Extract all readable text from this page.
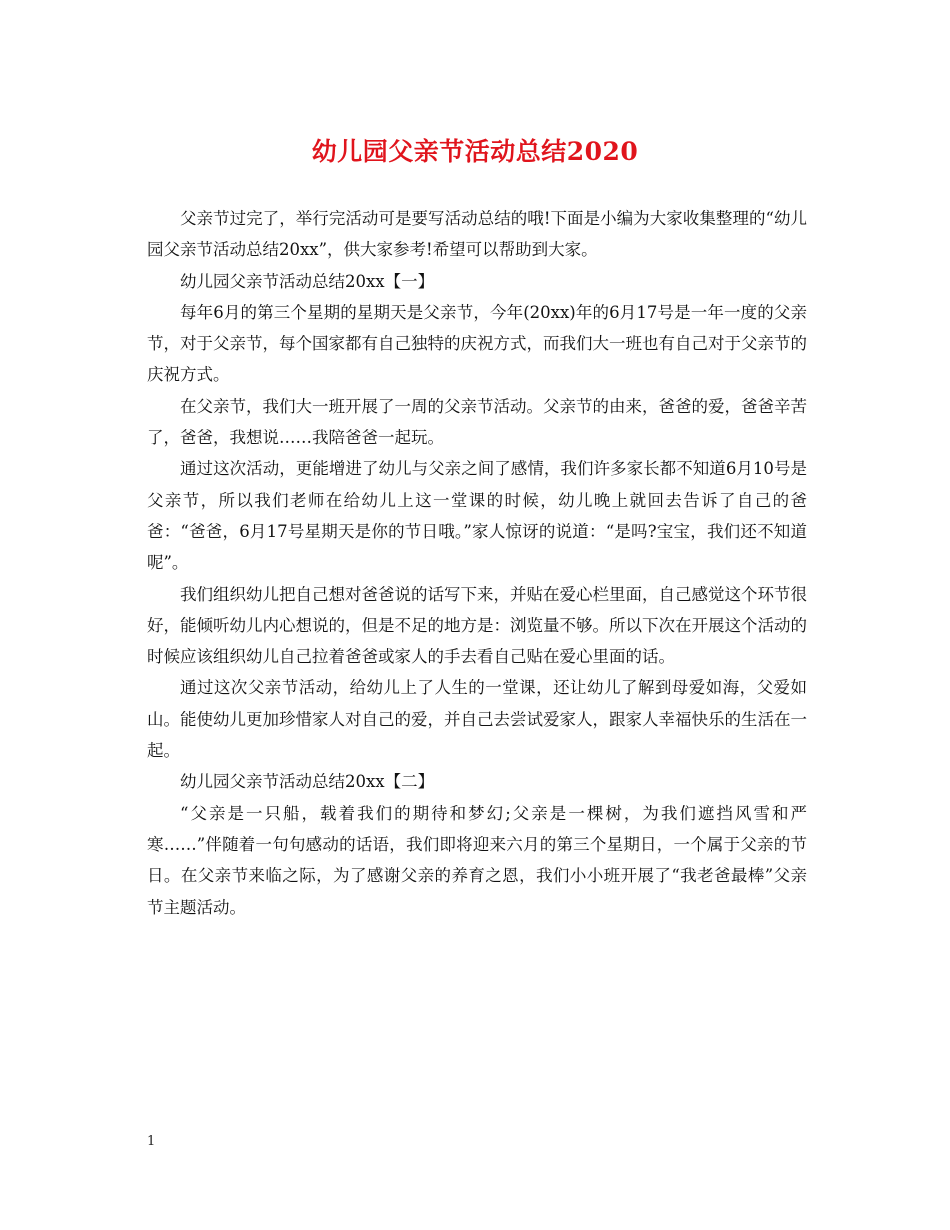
幼儿园父亲节活动总结2020

父亲节过完了，举行完活动可是要写活动总结的哦!下面是小编为大家收集整理的“幼儿园父亲节活动总结20xx”，供大家参考!希望可以帮助到大家。

幼儿园父亲节活动总结20xx【一】

每年6月的第三个星期的星期天是父亲节，今年(20xx)年的6月17号是一年一度的父亲节，对于父亲节，每个国家都有自己独特的庆祝方式，而我们大一班也有自己对于父亲节的庆祝方式。

在父亲节，我们大一班开展了一周的父亲节活动。父亲节的由来，爸爸的爱，爸爸辛苦了，爸爸，我想说……我陪爸爸一起玩。

通过这次活动，更能增进了幼儿与父亲之间了感情，我们许多家长都不知道6月10号是父亲节，所以我们老师在给幼儿上这一堂课的时候，幼儿晚上就回去告诉了自己的爸爸：“爸爸，6月17号星期天是你的节日哦。”家人惊讶的说道：“是吗?宝宝，我们还不知道呢”。

我们组织幼儿把自己想对爸爸说的话写下来，并贴在爱心栏里面，自己感觉这个环节很好，能倾听幼儿内心想说的，但是不足的地方是：浏览量不够。所以下次在开展这个活动的时候应该组织幼儿自己拉着爸爸或家人的手去看自己贴在爱心里面的话。

通过这次父亲节活动，给幼儿上了人生的一堂课，还让幼儿了解到母爱如海，父爱如山。能使幼儿更加珍惜家人对自己的爱，并自己去尝试爱家人，跟家人幸福快乐的生活在一起。

幼儿园父亲节活动总结20xx【二】

“父亲是一只船，载着我们的期待和梦幻;父亲是一棵树，为我们遮挡风雪和严寒……”伴随着一句句感动的话语，我们即将迎来六月的第三个星期日，一个属于父亲的节日。在父亲节来临之际，为了感谢父亲的养育之恩，我们小小班开展了“我老爸最棒”父亲节主题活动。

1
